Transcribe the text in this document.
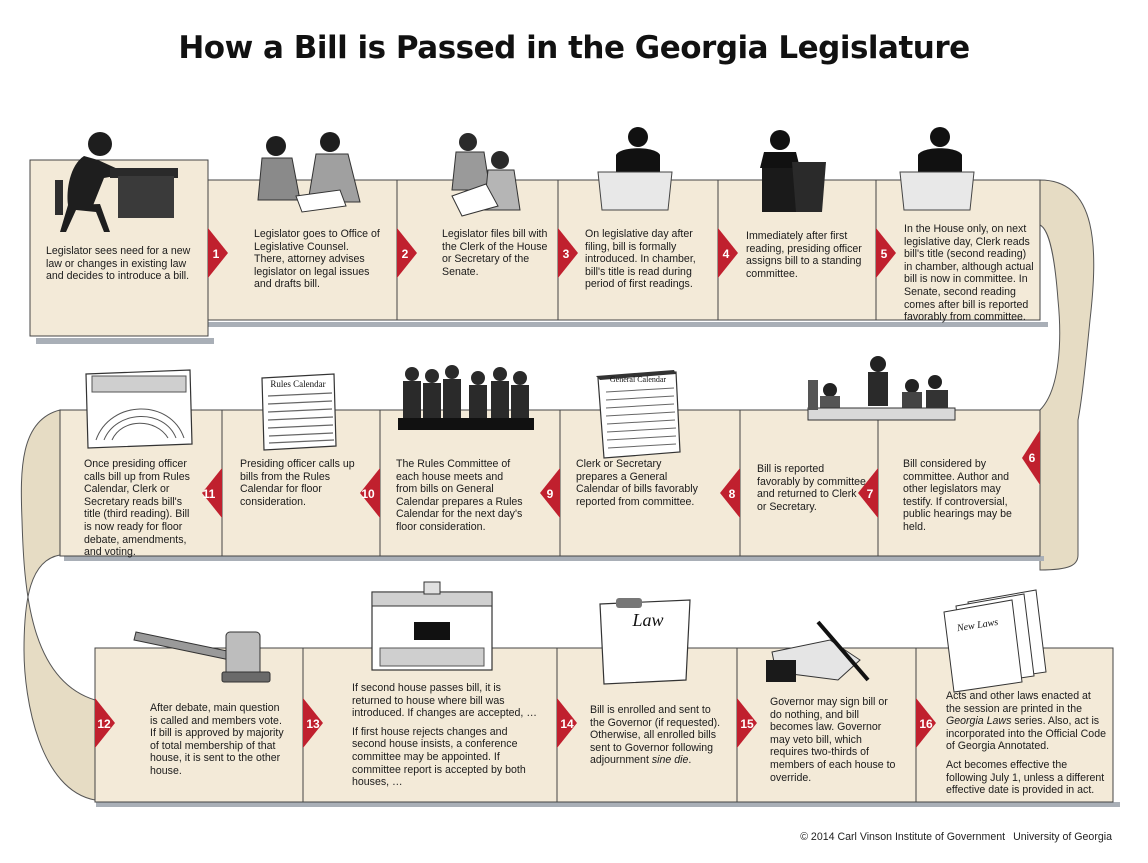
How a Bill is Passed in the Georgia Legislature
1	2	3	4	5
6
7
8
9
10
11
12	13	14	15	16
General Calendar
Rules Calendar
Law	New Laws

Legislator sees need for a new law or changes in existing law and decides to introduce a bill.

Legislator goes to Office of Legislative Counsel. There, attorney advises legislator on legal issues and drafts bill.

Legislator files bill with the Clerk of the House or Secretary of the Senate.

On legislative day after filing, bill is formally introduced. In chamber, bill's title is read during period of first readings.

Immediately after first reading, presiding officer assigns bill to a standing committee.

In the House only, on next legislative day, Clerk reads bill's title (second reading) in chamber, although actual bill is now in committee. In Senate, second reading comes after bill is reported favorably from committee.

Bill considered by committee. Author and other legislators may testify. If controversial, public hearings may be held.

Bill is reported favorably by committee and returned to Clerk or Secretary.

Clerk or Secretary prepares a General Calendar of bills favorably reported from committee.

The Rules Committee of each house meets and from bills on General Calendar prepares a Rules Calendar for the next day's floor consideration.

Presiding officer calls up bills from the Rules Calendar for floor consideration.

Once presiding officer calls bill up from Rules Calendar, Clerk or Secretary reads bill's title (third reading). Bill is now ready for floor debate, amendments, and voting.

After debate, main question is called and members vote. If bill is approved by majority of total membership of that house, it is sent to the other house.

If second house passes bill, it is returned to house where bill was introduced. If changes are accepted, …

If first house rejects changes and second house insists, a conference committee may be appointed. If committee report is accepted by both houses, …

Bill is enrolled and sent to the Governor (if requested). Otherwise, all enrolled bills sent to Governor following adjournment sine die.

Governor may sign bill or do nothing, and bill becomes law. Governor may veto bill, which requires two-thirds of members of each house to override.

Acts and other laws enacted at the session are printed in the Georgia Laws series. Also, act is incorporated into the Official Code of Georgia Annotated.

Act becomes effective the following July 1, unless a different effective date is provided in act.

© 2014 Carl Vinson Institute of Government University of Georgia
